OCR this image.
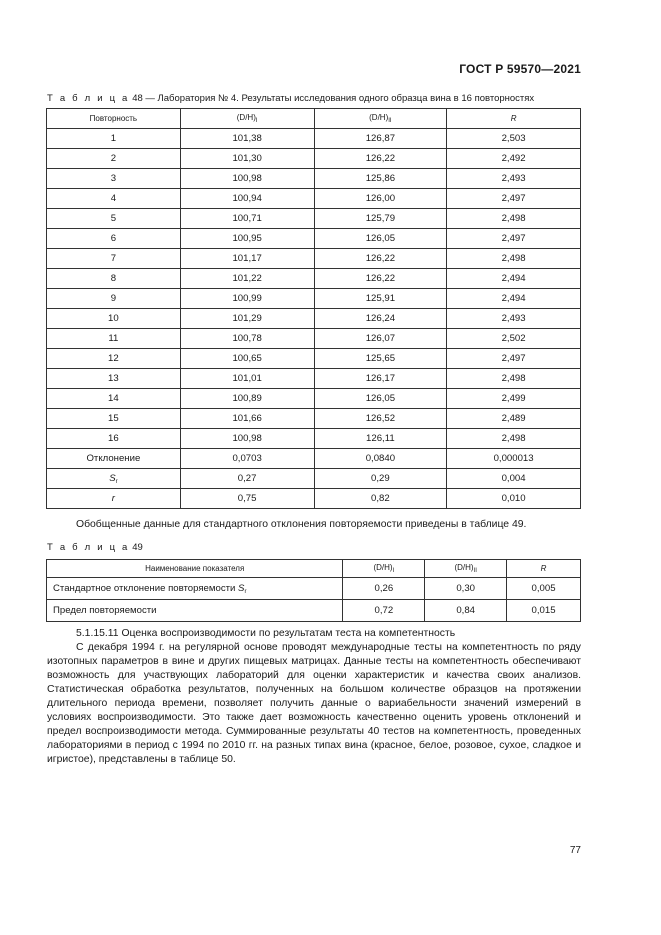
ГОСТ Р 59570—2021
Т а б л и ц а 48 — Лаборатория № 4. Результаты исследования одного образца вина в 16 повторностях
Повторность	$(D/H)_I$	$(D/H)_{II}$	R
1	101,38	126,87	2,503
2	101,30	126,22	2,492
3	100,98	125,86	2,493
4	100,94	126,00	2,497
5	100,71	125,79	2,498
6	100,95	126,05	2,497
7	101,17	126,22	2,498
8	101,22	126,22	2,494
9	100,99	125,91	2,494
10	101,29	126,24	2,493
11	100,78	126,07	2,502
12	100,65	125,65	2,497
13	101,01	126,17	2,498
14	100,89	126,05	2,499
15	101,66	126,52	2,489
16	100,98	126,11	2,498
Отклонение	0,0703	0,0840	0,000013
$S_r$	0,27	0,29	0,004
r	0,75	0,82	0,010
Обобщенные данные для стандартного отклонения повторяемости приведены в таблице 49.
Т а б л и ц а 49
Наименование показателя	$(D/H)_I$	$(D/H)_{II}$	R
Стандартное отклонение повторяемости $S_r$	0,26	0,30	0,005
Предел повторяемости	0,72	0,84	0,015
5.1.15.11 Оценка воспроизводимости по результатам теста на компетентность
С декабря 1994 г. на регулярной основе проводят международные тесты на компетентность по ряду изотопных параметров в вине и других пищевых матрицах. Данные тесты на компетентность обеспечивают возможность для участвующих лабораторий для оценки характеристик и качества своих анализов. Статистическая обработка результатов, полученных на большом количестве образцов на протяжении длительного периода времени, позволяет получить данные о вариабельности значений измерений в условиях воспроизводимости. Это также дает возможность качественно оценить уровень отклонений и предел воспроизводимости метода. Суммированные результаты 40 тестов на компетентность, проведенных лабораториями в период с 1994 по 2010 гг. на разных типах вина (красное, белое, розовое, сухое, сладкое и игристое), представлены в таблице 50.
77
